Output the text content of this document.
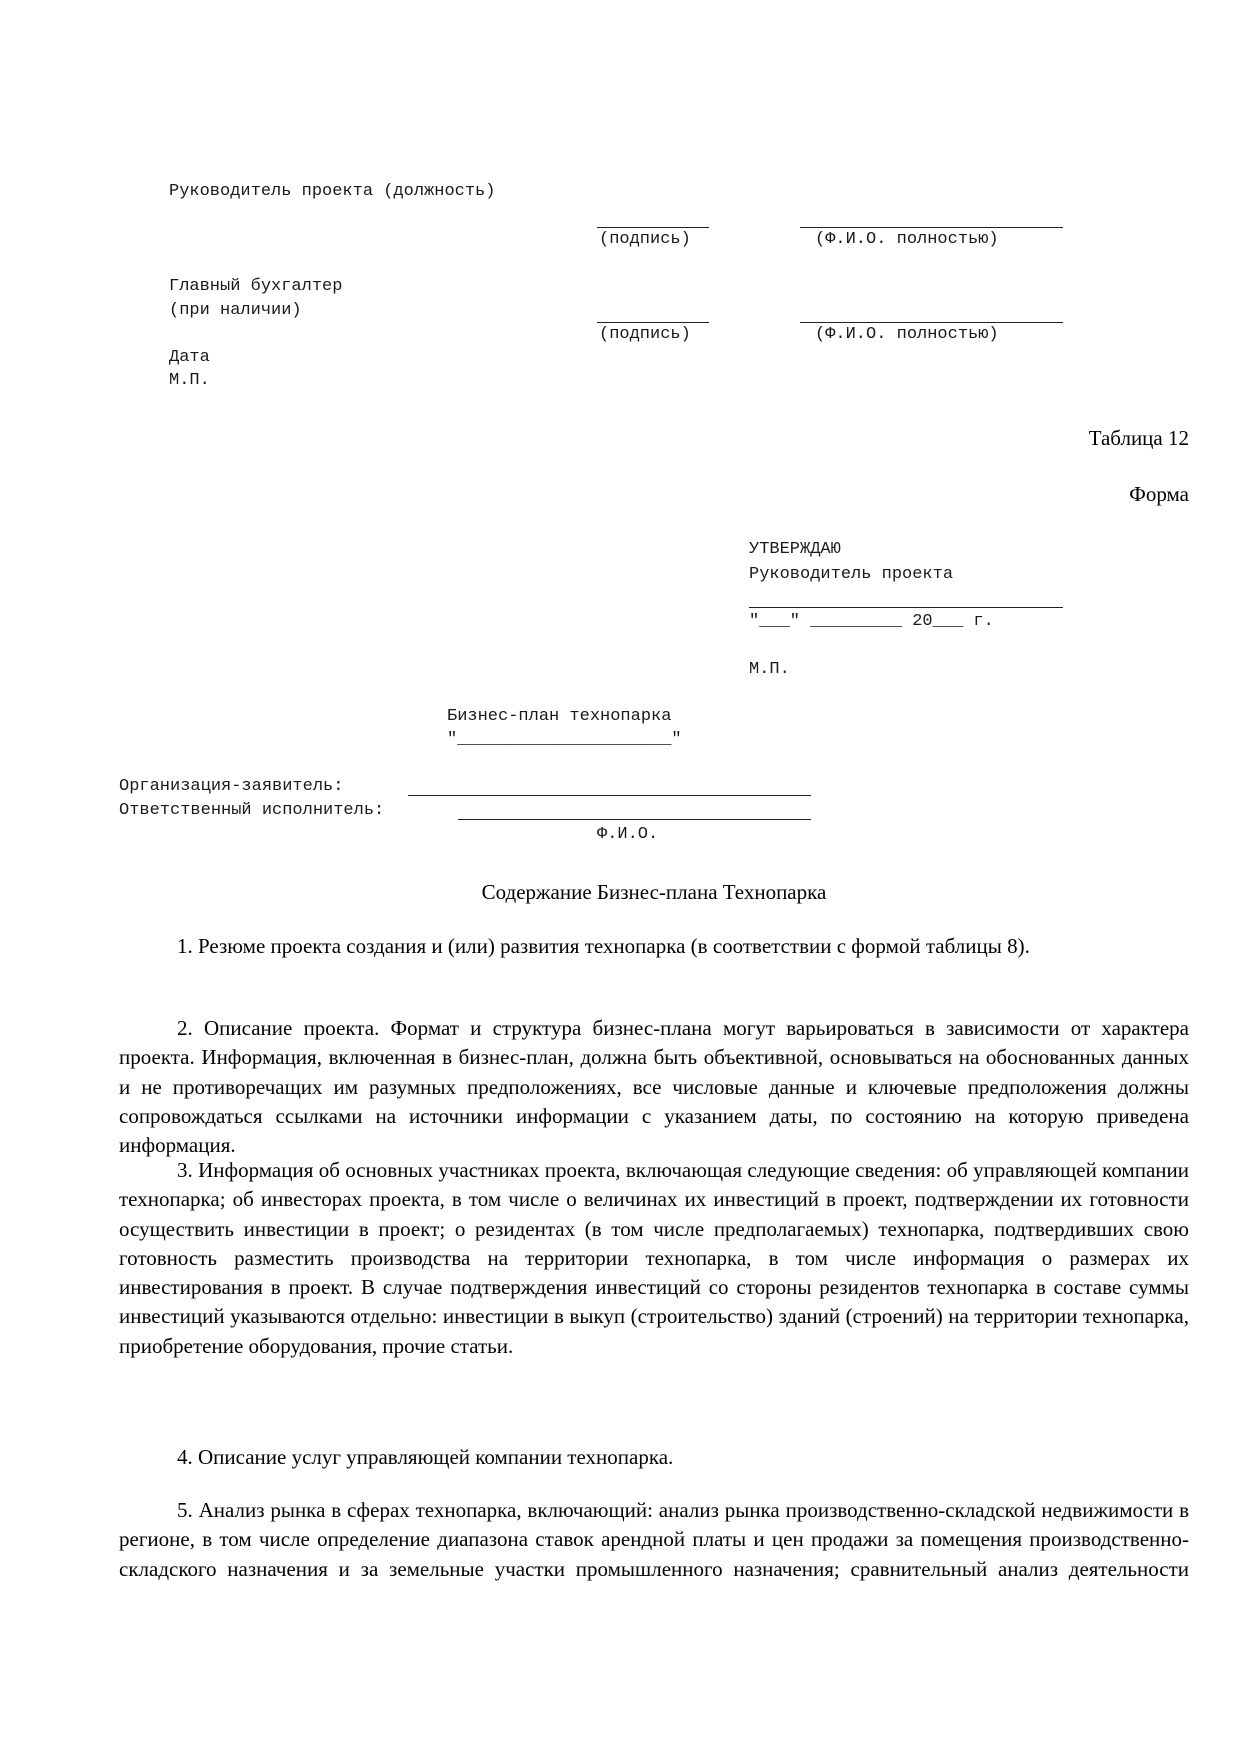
Руководитель проекта (должность)
(подпись)	(Ф.И.О. полностью)
Главный бухгалтер
(при наличии)
(подпись)	(Ф.И.О. полностью)
Дата
М.П.
Таблица 12
Форма
УТВЕРЖДАЮ
Руководитель проекта
"___" _________ 20___ г.
М.П.
Бизнес-план технопарка
"_____________________"
Организация-заявитель:
Ответственный исполнитель:
Ф.И.О.
Содержание Бизнес-плана Технопарка

1. Резюме проекта создания и (или) развития технопарка (в соответствии с формой таблицы 8).

2. Описание проекта. Формат и структура бизнес-плана могут варьироваться в зависимости от характера проекта. Информация, включенная в бизнес-план, должна быть объективной, основываться на обоснованных данных и не противоречащих им разумных предположениях, все числовые данные и ключевые предположения должны сопровождаться ссылками на источники информации с указанием даты, по состоянию на которую приведена информация.

3. Информация об основных участниках проекта, включающая следующие сведения: об управляющей компании технопарка; об инвесторах проекта, в том числе о величинах их инвестиций в проект, подтверждении их готовности осуществить инвестиции в проект; о резидентах (в том числе предполагаемых) технопарка, подтвердивших свою готовность разместить производства на территории технопарка, в том числе информация о размерах их инвестирования в проект. В случае подтверждения инвестиций со стороны резидентов технопарка в составе суммы инвестиций указываются отдельно: инвестиции в выкуп (строительство) зданий (строений) на территории технопарка, приобретение оборудования, прочие статьи.

4. Описание услуг управляющей компании технопарка.

5. Анализ рынка в сферах технопарка, включающий: анализ рынка производственно-складской недвижимости в регионе, в том числе определение диапазона ставок арендной платы и цен продажи за помещения производственно-складского назначения и за земельные участки промышленного назначения; сравнительный анализ деятельности
